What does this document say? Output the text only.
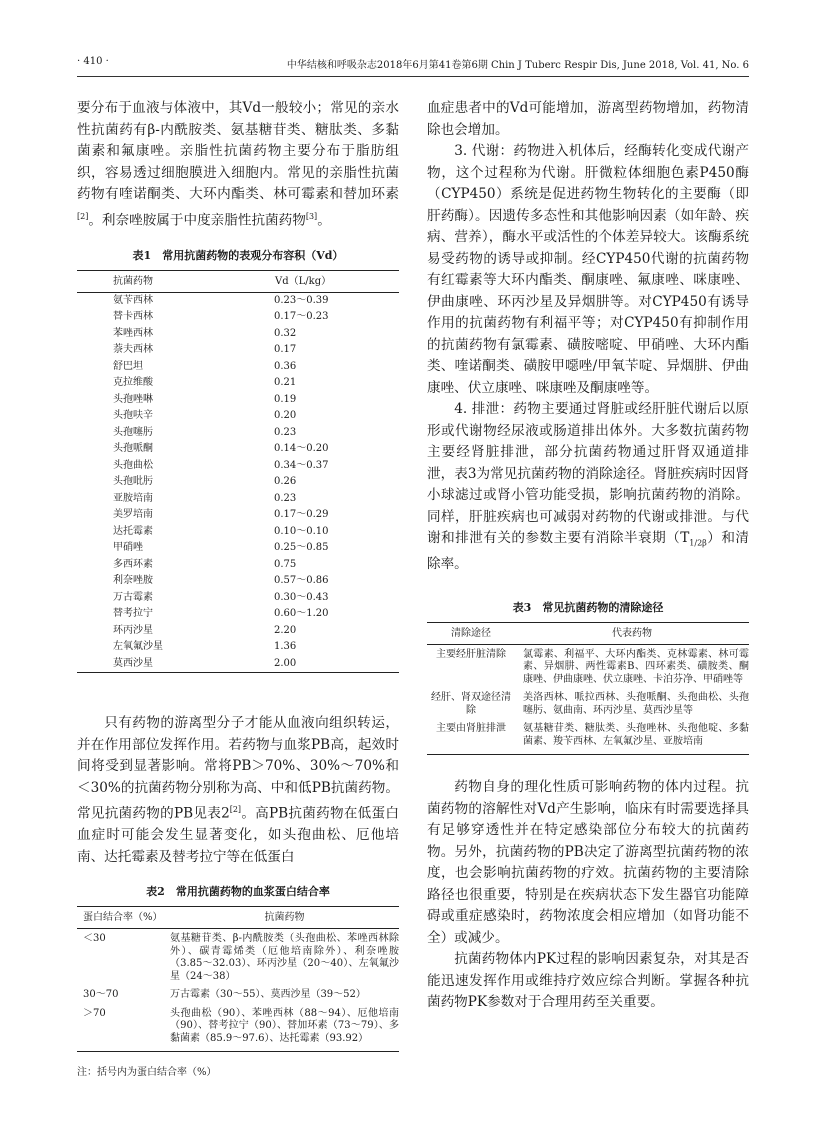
· 410 ·	中华结核和呼吸杂志2018年6月第41卷第6期 Chin J Tuberc Respir Dis, June 2018, Vol. 41, No. 6

要分布于血液与体液中，其Vd一般较小；常见的亲水性抗菌药有β-内酰胺类、氨基糖苷类、糖肽类、多黏菌素和氟康唑。亲脂性抗菌药物主要分布于脂肪组织，容易透过细胞膜进入细胞内。常见的亲脂性抗菌药物有喹诺酮类、大环内酯类、林可霉素和替加环素[2]。利奈唑胺属于中度亲脂性抗菌药物[3]。

表1　常用抗菌药物的表观分布容积（Vd）

抗菌药物	Vd（L/kg）
氨苄西林	0.23～0.39
替卡西林	0.17～0.23
苯唑西林	0.32
萘夫西林	0.17
舒巴坦	0.36
克拉维酸	0.21
头孢唑啉	0.19
头孢呋辛	0.20
头孢噻肟	0.23
头孢哌酮	0.14～0.20
头孢曲松	0.34～0.37
头孢吡肟	0.26
亚胺培南	0.23
美罗培南	0.17～0.29
达托霉素	0.10～0.10
甲硝唑	0.25～0.85
多西环素	0.75
利奈唑胺	0.57～0.86
万古霉素	0.30～0.43
替考拉宁	0.60～1.20
环丙沙星	2.20
左氧氟沙星	1.36
莫西沙星	2.00

只有药物的游离型分子才能从血液向组织转运，并在作用部位发挥作用。若药物与血浆PB高，起效时间将受到显著影响。常将PB＞70%、30%～70%和＜30%的抗菌药物分别称为高、中和低PB抗菌药物。常见抗菌药物的PB见表2[2]。高PB抗菌药物在低蛋白血症时可能会发生显著变化，如头孢曲松、厄他培南、达托霉素及替考拉宁等在低蛋白

表2　常用抗菌药物的血浆蛋白结合率

蛋白结合率（%）	抗菌药物
＜30	氨基糖苷类、β-内酰胺类（头孢曲松、苯唑西林除外）、碳青霉烯类（厄他培南除外）、利奈唑胺（3.85～32.03）、环丙沙星（20～40）、左氧氟沙星（24～38）
30～70	万古霉素（30～55）、莫西沙星（39～52）
＞70	头孢曲松（90）、苯唑西林（88～94）、厄他培南（90）、替考拉宁（90）、替加环素（73～79）、多黏菌素（85.9～97.6）、达托霉素（93.92）

注：括号内为蛋白结合率（%）

血症患者中的Vd可能增加，游离型药物增加，药物清除也会增加。

3. 代谢：药物进入机体后，经酶转化变成代谢产物，这个过程称为代谢。肝微粒体细胞色素P450酶（CYP450）系统是促进药物生物转化的主要酶（即肝药酶）。因遗传多态性和其他影响因素（如年龄、疾病、营养），酶水平或活性的个体差异较大。该酶系统易受药物的诱导或抑制。经CYP450代谢的抗菌药物有红霉素等大环内酯类、酮康唑、氟康唑、咪康唑、伊曲康唑、环丙沙星及异烟肼等。对CYP450有诱导作用的抗菌药物有利福平等；对CYP450有抑制作用的抗菌药物有氯霉素、磺胺嘧啶、甲硝唑、大环内酯类、喹诺酮类、磺胺甲噁唑/甲氧苄啶、异烟肼、伊曲康唑、伏立康唑、咪康唑及酮康唑等。

4. 排泄：药物主要通过肾脏或经肝脏代谢后以原形或代谢物经尿液或肠道排出体外。大多数抗菌药物主要经肾脏排泄，部分抗菌药物通过肝肾双通道排泄，表3为常见抗菌药物的消除途径。肾脏疾病时因肾小球滤过或肾小管功能受损，影响抗菌药物的消除。同样，肝脏疾病也可减弱对药物的代谢或排泄。与代谢和排泄有关的参数主要有消除半衰期$(T_{1/2\beta})$和清除率。

表3　常见抗菌药物的清除途径

清除途径	代表药物
主要经肝脏清除	氯霉素、利福平、大环内酯类、克林霉素、林可霉素、异烟肼、两性霉素B、四环素类、磺胺类、酮康唑、伊曲康唑、伏立康唑、卡泊芬净、甲硝唑等
经肝、肾双途径清除	美洛西林、哌拉西林、头孢哌酮、头孢曲松、头孢噻肟、氨曲南、环丙沙星、莫西沙星等
主要由肾脏排泄	氨基糖苷类、糖肽类、头孢唑林、头孢他啶、多黏菌素、羧苄西林、左氧氟沙星、亚胺培南

药物自身的理化性质可影响药物的体内过程。抗菌药物的溶解性对Vd产生影响，临床有时需要选择具有足够穿透性并在特定感染部位分布较大的抗菌药物。另外，抗菌药物的PB决定了游离型抗菌药物的浓度，也会影响抗菌药物的疗效。抗菌药物的主要清除路径也很重要，特别是在疾病状态下发生器官功能障碍或重症感染时，药物浓度会相应增加（如肾功能不全）或减少。

抗菌药物体内PK过程的影响因素复杂，对其是否能迅速发挥作用或维持疗效应综合判断。掌握各种抗菌药物PK参数对于合理用药至关重要。
